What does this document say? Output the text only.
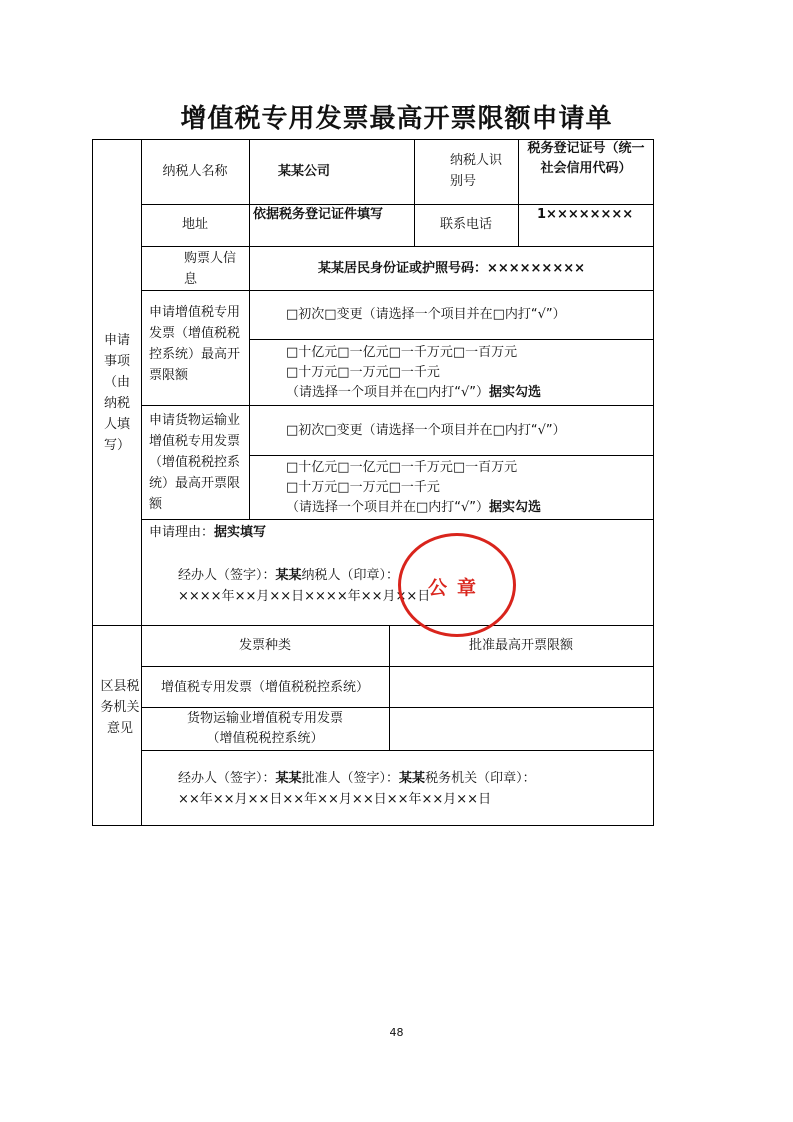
增值税专用发票最高开票限额申请单
纳税人名称	某某公司
纳税人识别号
税务登记证号（统一社会信用代码）
地址
依据税务登记证件填写
联系电话
1××××××××
购票人信息
某某居民身份证或护照号码：×××××××××
申请事项（由纳税人填写）
申请增值税专用发票（增值税税控系统）最高开票限额
□初次□变更（请选择一个项目并在□内打“√”）
□十亿元□一亿元□一千万元□一百万元
□十万元□一万元□一千元
（请选择一个项目并在□内打“√”）据实勾选
申请货物运输业增值税专用发票（增值税税控系统）最高开票限额
□初次□变更（请选择一个项目并在□内打“√”）
□十亿元□一亿元□一千万元□一百万元
□十万元□一万元□一千元
（请选择一个项目并在□内打“√”）据实勾选
申请理由：据实填写
经办人（签字）：某某纳税人（印章）：
××××年××月××日××××年××月××日
公章
区县税务机关意见
发票种类	批准最高开票限额
增值税专用发票（增值税税控系统）
货物运输业增值税专用发票
（增值税税控系统）
经办人（签字）：某某批准人（签字）：某某税务机关（印章）：
××年××月××日××年××月××日××年××月××日
48
